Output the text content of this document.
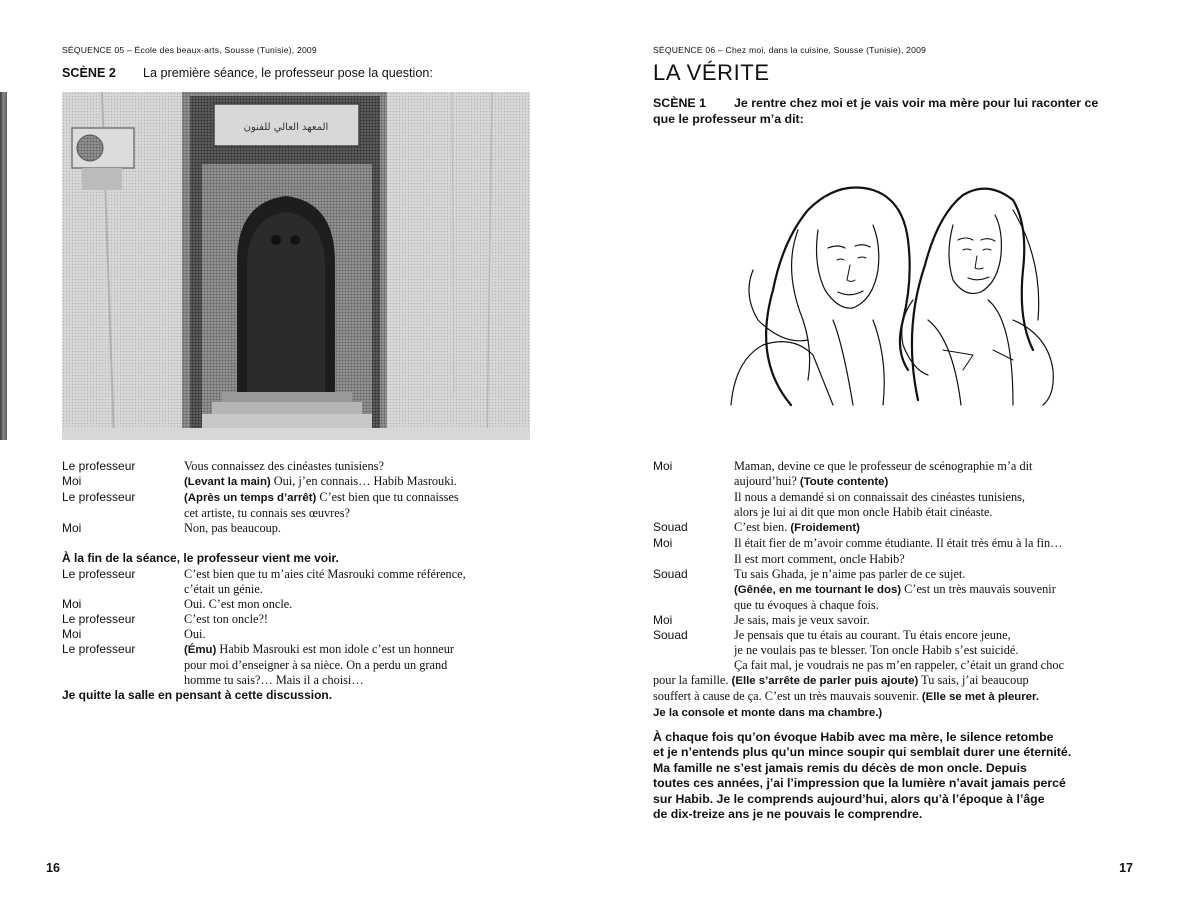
SÉQUENCE 05 – École des beaux-arts, Sousse (Tunisie), 2009
SCÈNE 2 La première séance, le professeur pose la question:
المعهد العالي للفنون
Le professeur	Vous connaissez des cinéastes tunisiens?
Moi	(Levant la main) Oui, j’en connais… Habib Masrouki.
Le professeur	(Après un temps d’arrêt) C’est bien que tu connaisses
cet artiste, tu connais ses œuvres?
Moi	Non, pas beaucoup.
À la fin de la séance, le professeur vient me voir.
Le professeur	C’est bien que tu m’aies cité Masrouki comme référence,
c’était un génie.
Moi	Oui. C’est mon oncle.
Le professeur	C’est ton oncle?!
Moi	Oui.
Le professeur	(Ému) Habib Masrouki est mon idole c’est un honneur
pour moi d’enseigner à sa nièce. On a perdu un grand
homme tu sais?… Mais il a choisi…
Je quitte la salle en pensant à cette discussion.
16
SÉQUENCE 06 – Chez moi, dans la cuisine, Sousse (Tunisie), 2009
LA VÉRITE
SCÈNE 1 Je rentre chez moi et je vais voir ma mère pour lui raconter ce que le professeur m’a dit:
Moi	Maman, devine ce que le professeur de scénographie m’a dit
aujourd’hui? (Toute contente)
Il nous a demandé si on connaissait des cinéastes tunisiens,
alors je lui ai dit que mon oncle Habib était cinéaste.
Souad	C’est bien. (Froidement)
Moi	Il était fier de m’avoir comme étudiante. Il était très ému à la fin…
Il est mort comment, oncle Habib?
Souad	Tu sais Ghada, je n’aime pas parler de ce sujet.
(Gênée, en me tournant le dos) C’est un très mauvais souvenir
que tu évoques à chaque fois.
Moi	Je sais, mais je veux savoir.
Souad	Je pensais que tu étais au courant. Tu étais encore jeune,
je ne voulais pas te blesser. Ton oncle Habib s’est suicidé.
Ça fait mal, je voudrais ne pas m’en rappeler, c’était un grand choc
pour la famille. (Elle s’arrête de parler puis ajoute) Tu sais, j’ai beaucoup
souffert à cause de ça. C’est un très mauvais souvenir. (Elle se met à pleurer.
Je la console et monte dans ma chambre.)
À chaque fois qu’on évoque Habib avec ma mère, le silence retombe
et je n’entends plus qu’un mince soupir qui semblait durer une éternité.
Ma famille ne s’est jamais remis du décès de mon oncle. Depuis
toutes ces années, j’ai l’impression que la lumière n’avait jamais percé
sur Habib. Je le comprends aujourd’hui, alors qu’à l’époque à l’âge
de dix-treize ans je ne pouvais le comprendre.
17
